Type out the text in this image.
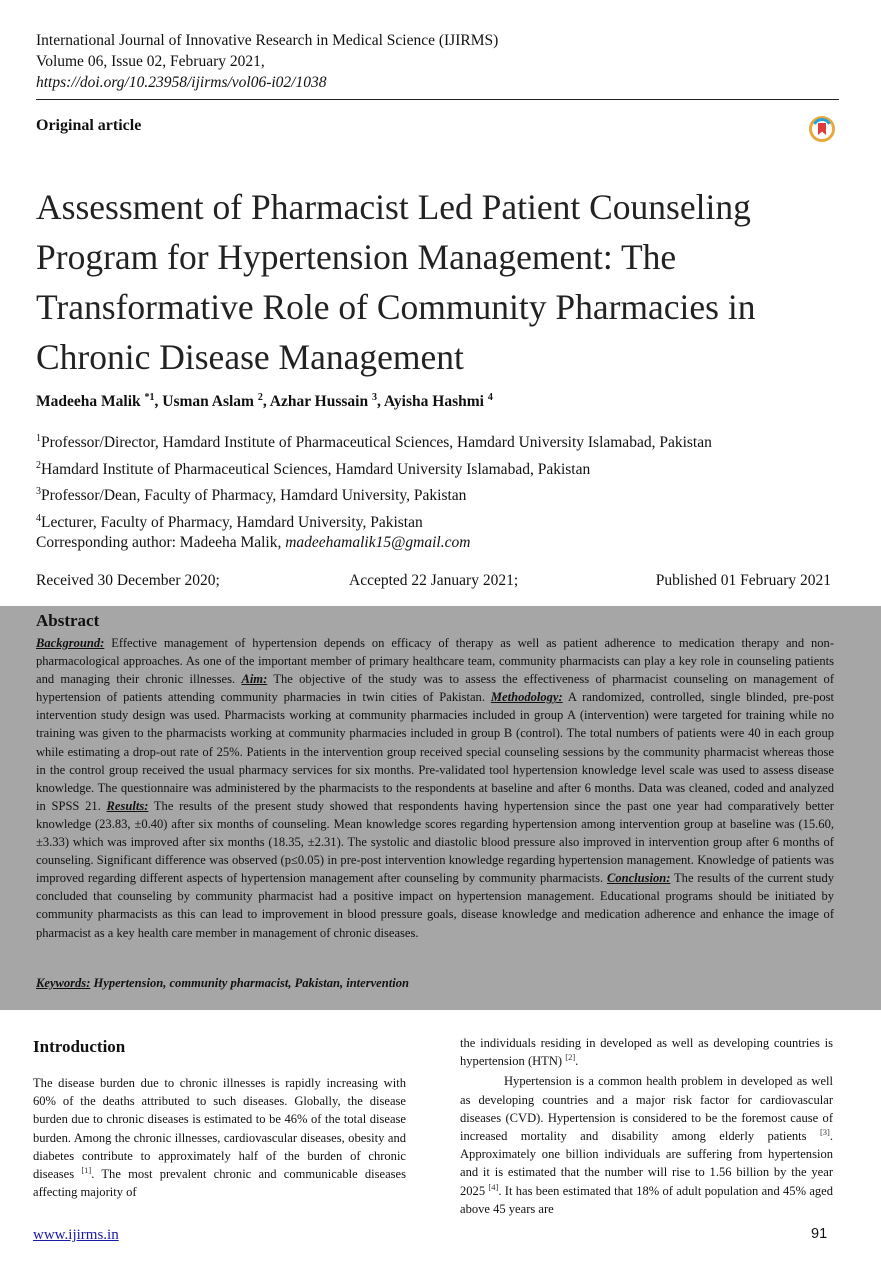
International Journal of Innovative Research in Medical Science (IJIRMS)
Volume 06, Issue 02, February 2021,
https://doi.org/10.23958/ijirms/vol06-i02/1038
Original article
Assessment of Pharmacist Led Patient Counseling
Program for Hypertension Management: The
Transformative Role of Community Pharmacies in
Chronic Disease Management
Madeeha Malik $^{*1}$, Usman Aslam $^2$, Azhar Hussain $^3$, Ayisha Hashmi $^4$
$^1$Professor/Director, Hamdard Institute of Pharmaceutical Sciences, Hamdard University Islamabad, Pakistan
$^2$Hamdard Institute of Pharmaceutical Sciences, Hamdard University Islamabad, Pakistan
$^3$Professor/Dean, Faculty of Pharmacy, Hamdard University, Pakistan
$^4$Lecturer, Faculty of Pharmacy, Hamdard University, Pakistan
Corresponding author: Madeeha Malik, madeehamalik15@gmail.com
Received 30 December 2020;	Accepted 22 January 2021;	Published 01 February 2021
Abstract
Background: Effective management of hypertension depends on efficacy of therapy as well as patient adherence to medication therapy and non-pharmacological approaches. As one of the important member of primary healthcare team, community pharmacists can play a key role in counseling patients and managing their chronic illnesses. Aim: The objective of the study was to assess the effectiveness of pharmacist counseling on management of hypertension of patients attending community pharmacies in twin cities of Pakistan. Methodology: A randomized, controlled, single blinded, pre-post intervention study design was used. Pharmacists working at community pharmacies included in group A (intervention) were targeted for training while no training was given to the pharmacists working at community pharmacies included in group B (control). The total numbers of patients were 40 in each group while estimating a drop-out rate of 25%. Patients in the intervention group received special counseling sessions by the community pharmacist whereas those in the control group received the usual pharmacy services for six months. Pre-validated tool hypertension knowledge level scale was used to assess disease knowledge. The questionnaire was administered by the pharmacists to the respondents at baseline and after 6 months. Data was cleaned, coded and analyzed in SPSS 21. Results: The results of the present study showed that respondents having hypertension since the past one year had comparatively better knowledge (23.83, ±0.40) after six months of counseling. Mean knowledge scores regarding hypertension among intervention group at baseline was (15.60, ±3.33) which was improved after six months (18.35, ±2.31). The systolic and diastolic blood pressure also improved in intervention group after 6 months of counseling. Significant difference was observed (p≤0.05) in pre-post intervention knowledge regarding hypertension management. Knowledge of patients was improved regarding different aspects of hypertension management after counseling by community pharmacists. Conclusion: The results of the current study concluded that counseling by community pharmacist had a positive impact on hypertension management. Educational programs should be initiated by community pharmacists as this can lead to improvement in blood pressure goals, disease knowledge and medication adherence and enhance the image of pharmacist as a key health care member in management of chronic diseases.
Keywords: Hypertension, community pharmacist, Pakistan, intervention
Introduction
The disease burden due to chronic illnesses is rapidly increasing with 60% of the deaths attributed to such diseases. Globally, the disease burden due to chronic diseases is estimated to be 46% of the total disease burden. Among the chronic illnesses, cardiovascular diseases, obesity and diabetes contribute to approximately half of the burden of chronic diseases [1]. The most prevalent chronic and communicable diseases affecting majority of
the individuals residing in developed as well as developing countries is hypertension (HTN) [2].
Hypertension is a common health problem in developed as well as developing countries and a major risk factor for cardiovascular diseases (CVD). Hypertension is considered to be the foremost cause of increased mortality and disability among elderly patients [3]. Approximately one billion individuals are suffering from hypertension and it is estimated that the number will rise to 1.56 billion by the year 2025 [4]. It has been estimated that 18% of adult population and 45% aged above 45 years are
www.ijirms.in	91
